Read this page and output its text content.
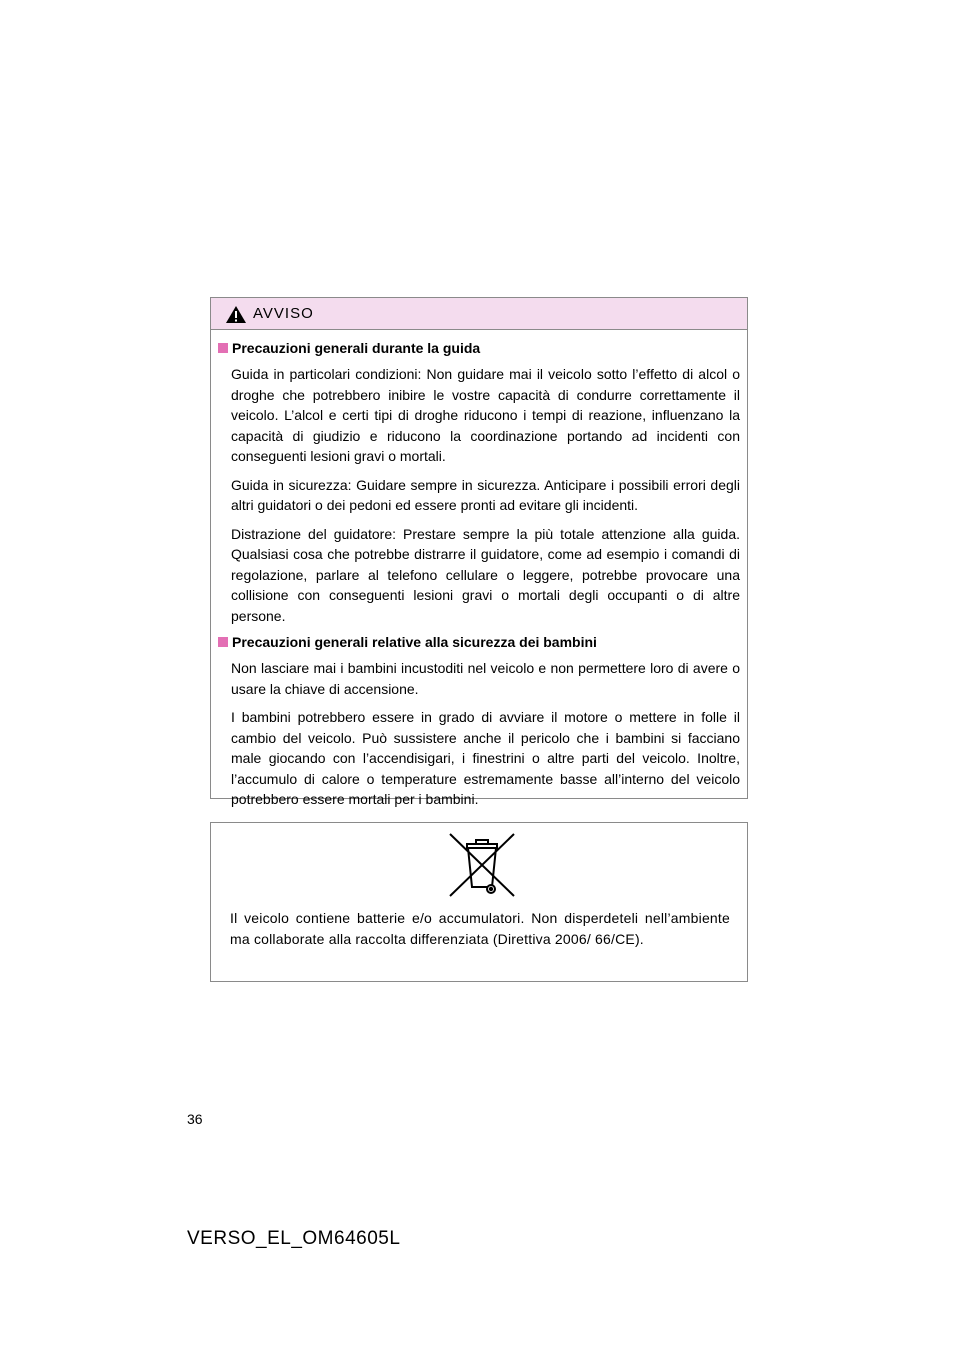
AVVISO
Precauzioni generali durante la guida

Guida in particolari condizioni: Non guidare mai il veicolo sotto l’effetto di alcol o droghe che potrebbero inibire le vostre capacità di condurre correttamente il veicolo. L’alcol e certi tipi di droghe riducono i tempi di reazione, influenzano la capacità di giudizio e riducono la coordinazione portando ad incidenti con conseguenti lesioni gravi o mortali.

Guida in sicurezza: Guidare sempre in sicurezza. Anticipare i possibili errori degli altri guidatori o dei pedoni ed essere pronti ad evitare gli incidenti.

Distrazione del guidatore: Prestare sempre la più totale attenzione alla guida. Qualsiasi cosa che potrebbe distrarre il guidatore, come ad esempio i comandi di regolazione, parlare al telefono cellulare o leggere, potrebbe provocare una collisione con conseguenti lesioni gravi o mortali degli occupanti o di altre persone.

Precauzioni generali relative alla sicurezza dei bambini

Non lasciare mai i bambini incustoditi nel veicolo e non permettere loro di avere o usare la chiave di accensione.

I bambini potrebbero essere in grado di avviare il motore o mettere in folle il cambio del veicolo. Può sussistere anche il pericolo che i bambini si facciano male giocando con l’accendisigari, i finestrini o altre parti del veicolo. Inoltre, l’accumulo di calore o temperature estremamente basse all’interno del veicolo potrebbero essere mortali per i bambini.

Il veicolo contiene batterie e/o accumulatori. Non disperdeteli nell’ambiente ma collaborate alla raccolta differenziata (Direttiva 2006/ 66/CE).
36
VERSO_EL_OM64605L
